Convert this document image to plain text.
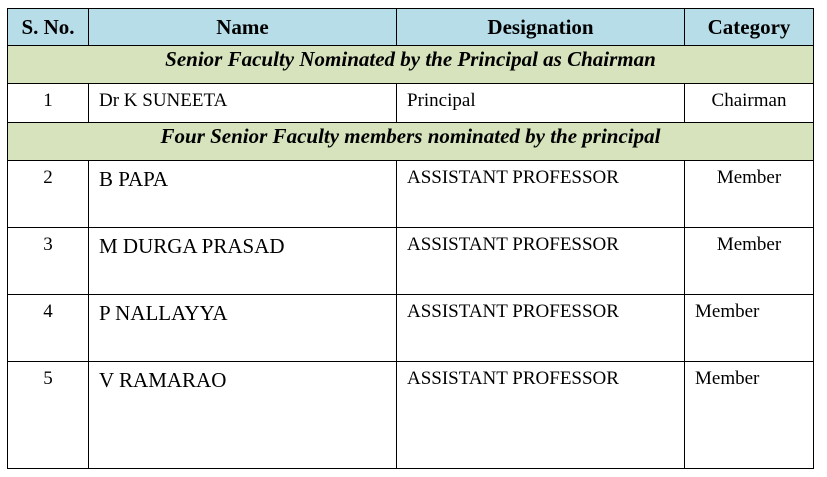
S. No.	Name	Designation	Category
Senior Faculty Nominated by the Principal as Chairman			
1	Dr K SUNEETA	Principal	Chairman
Four Senior Faculty members nominated by the principal			
2	B PAPA	ASSISTANT PROFESSOR	Member
3	M DURGA PRASAD	ASSISTANT PROFESSOR	Member
4	P NALLAYYA	ASSISTANT PROFESSOR	Member
5	V RAMARAO	ASSISTANT PROFESSOR	Member
